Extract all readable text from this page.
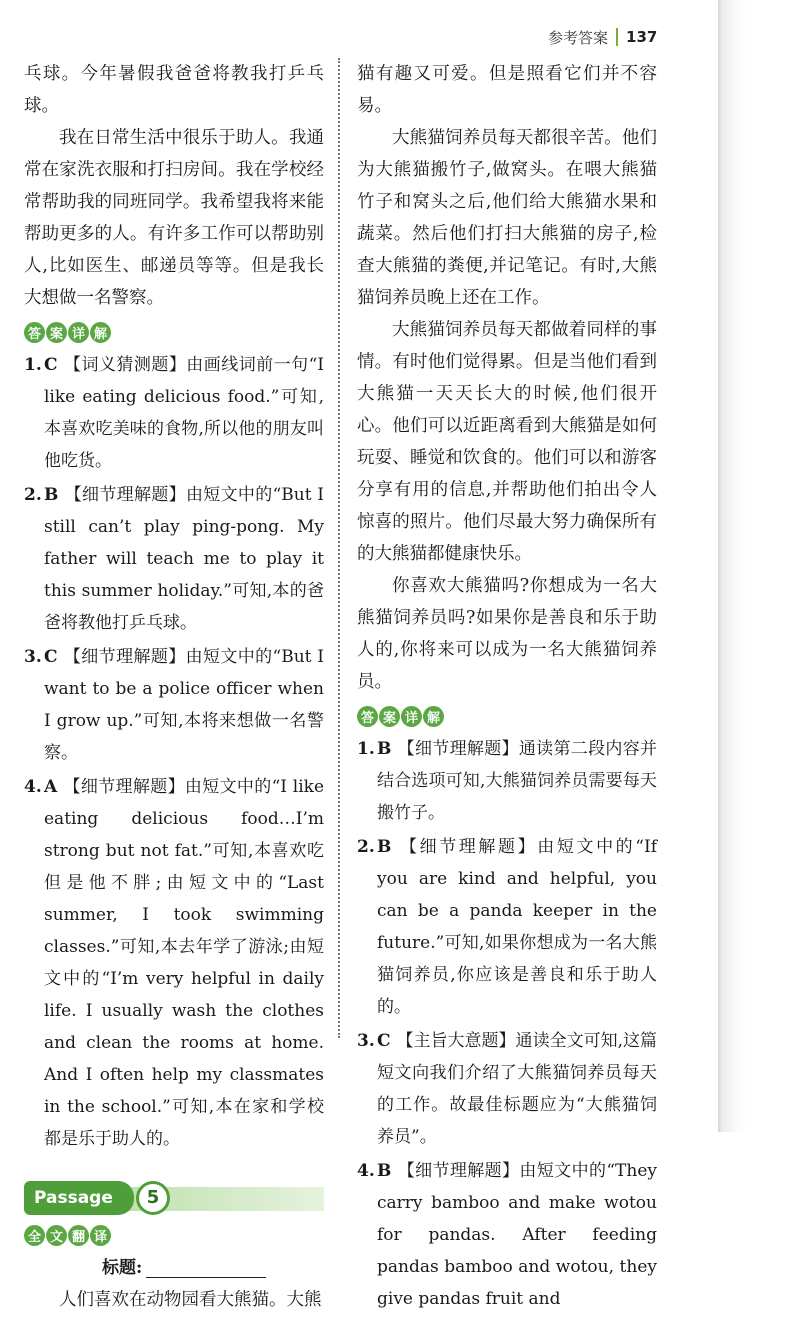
参考答案 137

乓球。今年暑假我爸爸将教我打乒乓球。

我在日常生活中很乐于助人。我通常在家洗衣服和打扫房间。我在学校经常帮助我的同班同学。我希望我将来能帮助更多的人。有许多工作可以帮助别人,比如医生、邮递员等等。但是我长大想做一名警察。

答 案 详 解
1. C 【词义猜测题】由画线词前一句“I like eating delicious food.”可知,本喜欢吃美味的食物,所以他的朋友叫他吃货。
2. B 【细节理解题】由短文中的“But I still can’t play ping-pong. My father will teach me to play it this summer holiday.”可知,本的爸爸将教他打乒乓球。
3. C 【细节理解题】由短文中的“But I want to be a police officer when I grow up.”可知,本将来想做一名警察。
4. A 【细节理解题】由短文中的“I like eating delicious food…I’m strong but not fat.”可知,本喜欢吃但是他不胖;由短文中的“Last summer, I took swimming classes.”可知,本去年学了游泳;由短文中的“I’m very helpful in daily life. I usually wash the clothes and clean the rooms at home. And I often help my classmates in the school.”可知,本在家和学校都是乐于助人的。
Passage	5
全 文 翻 译
标题:

人们喜欢在动物园看大熊猫。大熊

猫有趣又可爱。但是照看它们并不容易。

大熊猫饲养员每天都很辛苦。他们为大熊猫搬竹子,做窝头。在喂大熊猫竹子和窝头之后,他们给大熊猫水果和蔬菜。然后他们打扫大熊猫的房子,检查大熊猫的粪便,并记笔记。有时,大熊猫饲养员晚上还在工作。

大熊猫饲养员每天都做着同样的事情。有时他们觉得累。但是当他们看到大熊猫一天天长大的时候,他们很开心。他们可以近距离看到大熊猫是如何玩耍、睡觉和饮食的。他们可以和游客分享有用的信息,并帮助他们拍出令人惊喜的照片。他们尽最大努力确保所有的大熊猫都健康快乐。

你喜欢大熊猫吗?你想成为一名大熊猫饲养员吗?如果你是善良和乐于助人的,你将来可以成为一名大熊猫饲养员。

答 案 详 解
1. B 【细节理解题】通读第二段内容并结合选项可知,大熊猫饲养员需要每天搬竹子。
2. B 【细节理解题】由短文中的“If you are kind and helpful, you can be a panda keeper in the future.”可知,如果你想成为一名大熊猫饲养员,你应该是善良和乐于助人的。
3. C 【主旨大意题】通读全文可知,这篇短文向我们介绍了大熊猫饲养员每天的工作。故最佳标题应为“大熊猫饲养员”。
4. B 【细节理解题】由短文中的“They carry bamboo and make wotou for pandas. After feeding pandas bamboo and wotou, they give pandas fruit and
